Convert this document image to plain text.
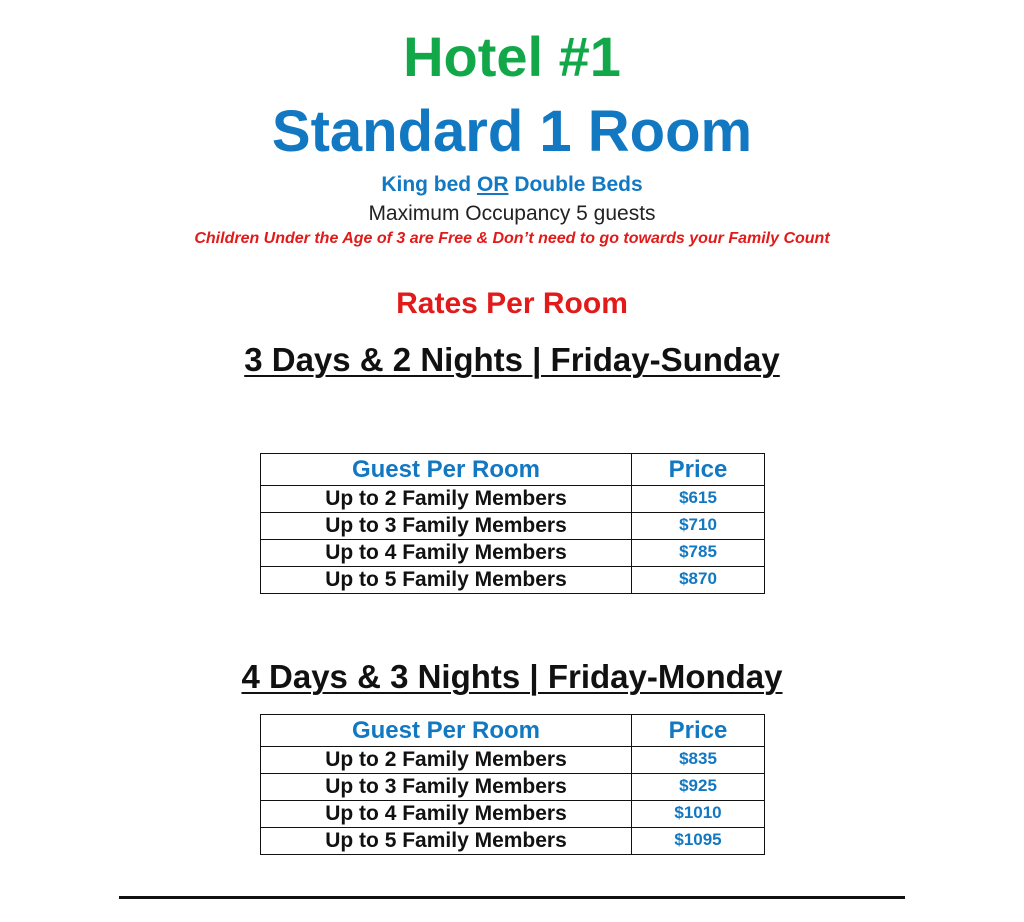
Hotel #1
Standard 1 Room
King bed OR Double Beds
Maximum Occupancy 5 guests
Children Under the Age of 3 are Free & Don’t need to go towards your Family Count
Rates Per Room
3 Days & 2 Nights | Friday-Sunday
Guest Per Room	Price
Up to 2 Family Members	$615
Up to 3 Family Members	$710
Up to 4 Family Members	$785
Up to 5 Family Members	$870
4 Days & 3 Nights | Friday-Monday
Guest Per Room	Price
Up to 2 Family Members	$835
Up to 3 Family Members	$925
Up to 4 Family Members	$1010
Up to 5 Family Members	$1095
